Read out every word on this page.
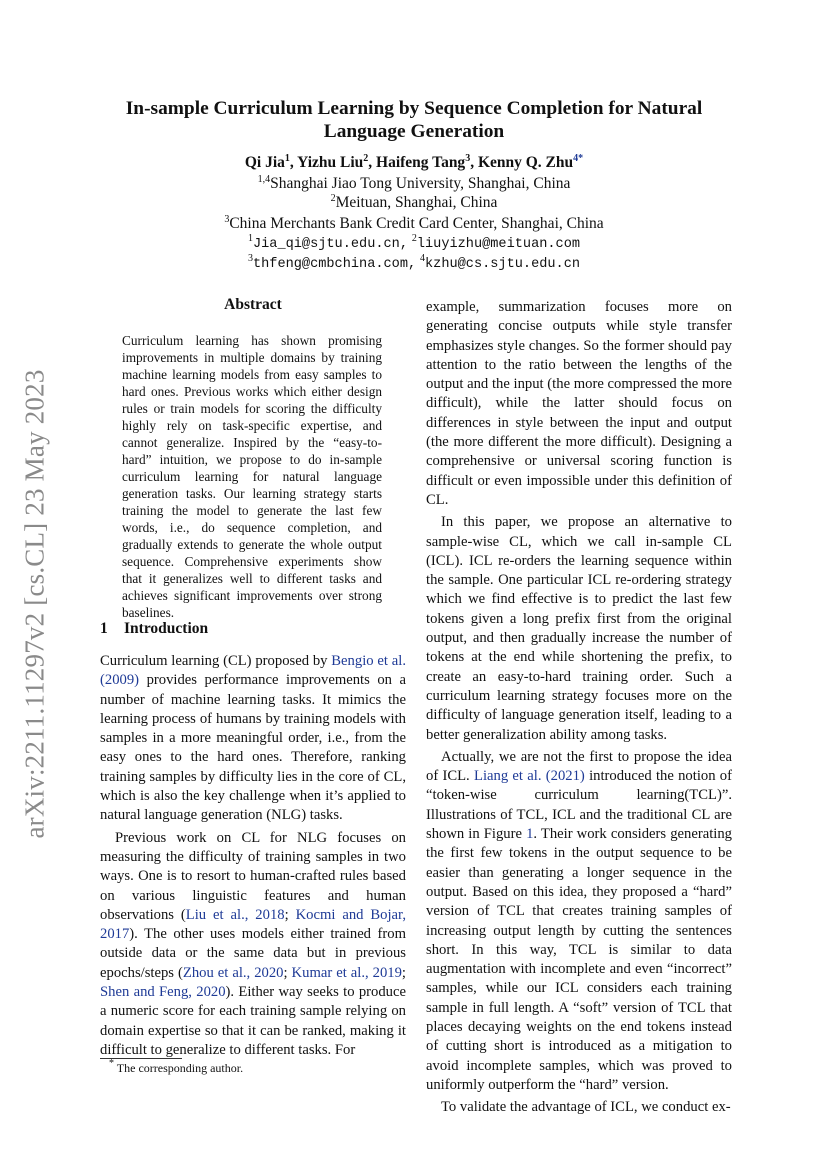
arXiv:2211.11297v2 [cs.CL] 23 May 2023
In-sample Curriculum Learning by Sequence Completion for Natural
Language Generation
Qi Jia$^1$, Yizhu Liu$^2$, Haifeng Tang$^3$, Kenny Q. Zhu$^{4*}$
$^{1,4}$Shanghai Jiao Tong University, Shanghai, China
$^2$Meituan, Shanghai, China
$^3$China Merchants Bank Credit Card Center, Shanghai, China
$^1$Jia_qi@sjtu.edu.cn, $^2$liuyizhu@meituan.com
$^3$thfeng@cmbchina.com, $^4$kzhu@cs.sjtu.edu.cn
Abstract

Curriculum learning has shown promising improvements in multiple domains by training machine learning models from easy samples to hard ones. Previous works which either design rules or train models for scoring the difficulty highly rely on task-specific expertise, and cannot generalize. Inspired by the “easy-to-hard” intuition, we propose to do in-sample curriculum learning for natural language generation tasks. Our learning strategy starts training the model to generate the last few words, i.e., do sequence completion, and gradually extends to generate the whole output sequence. Comprehensive experiments show that it generalizes well to different tasks and achieves significant improvements over strong baselines.

1 Introduction

Curriculum learning (CL) proposed by Bengio et al. (2009) provides performance improvements on a number of machine learning tasks. It mimics the learning process of humans by training models with samples in a more meaningful order, i.e., from the easy ones to the hard ones. Therefore, ranking training samples by difficulty lies in the core of CL, which is also the key challenge when it’s applied to natural language generation (NLG) tasks.

Previous work on CL for NLG focuses on measuring the difficulty of training samples in two ways. One is to resort to human-crafted rules based on various linguistic features and human observations (Liu et al., 2018; Kocmi and Bojar, 2017). The other uses models either trained from outside data or the same data but in previous epochs/steps (Zhou et al., 2020; Kumar et al., 2019; Shen and Feng, 2020). Either way seeks to produce a numeric score for each training sample relying on domain expertise so that it can be ranked, making it difficult to generalize to different tasks. For

example, summarization focuses more on generating concise outputs while style transfer emphasizes style changes. So the former should pay attention to the ratio between the lengths of the output and the input (the more compressed the more difficult), while the latter should focus on differences in style between the input and output (the more different the more difficult). Designing a comprehensive or universal scoring function is difficult or even impossible under this definition of CL.

In this paper, we propose an alternative to sample-wise CL, which we call in-sample CL (ICL). ICL re-orders the learning sequence within the sample. One particular ICL re-ordering strategy which we find effective is to predict the last few tokens given a long prefix first from the original output, and then gradually increase the number of tokens at the end while shortening the prefix, to create an easy-to-hard training order. Such a curriculum learning strategy focuses more on the difficulty of language generation itself, leading to a better generalization ability among tasks.

Actually, we are not the first to propose the idea of ICL. Liang et al. (2021) introduced the notion of “token-wise curriculum learning(TCL)”. Illustrations of TCL, ICL and the traditional CL are shown in Figure 1. Their work considers generating the first few tokens in the output sequence to be easier than generating a longer sequence in the output. Based on this idea, they proposed a “hard” version of TCL that creates training samples of increasing output length by cutting the sentences short. In this way, TCL is similar to data augmentation with incomplete and even “incorrect” samples, while our ICL considers each training sample in full length. A “soft” version of TCL that places decaying weights on the end tokens instead of cutting short is introduced as a mitigation to avoid incomplete samples, which was proved to uniformly outperform the “hard” version.

To validate the advantage of ICL, we conduct ex-

* The corresponding author.
